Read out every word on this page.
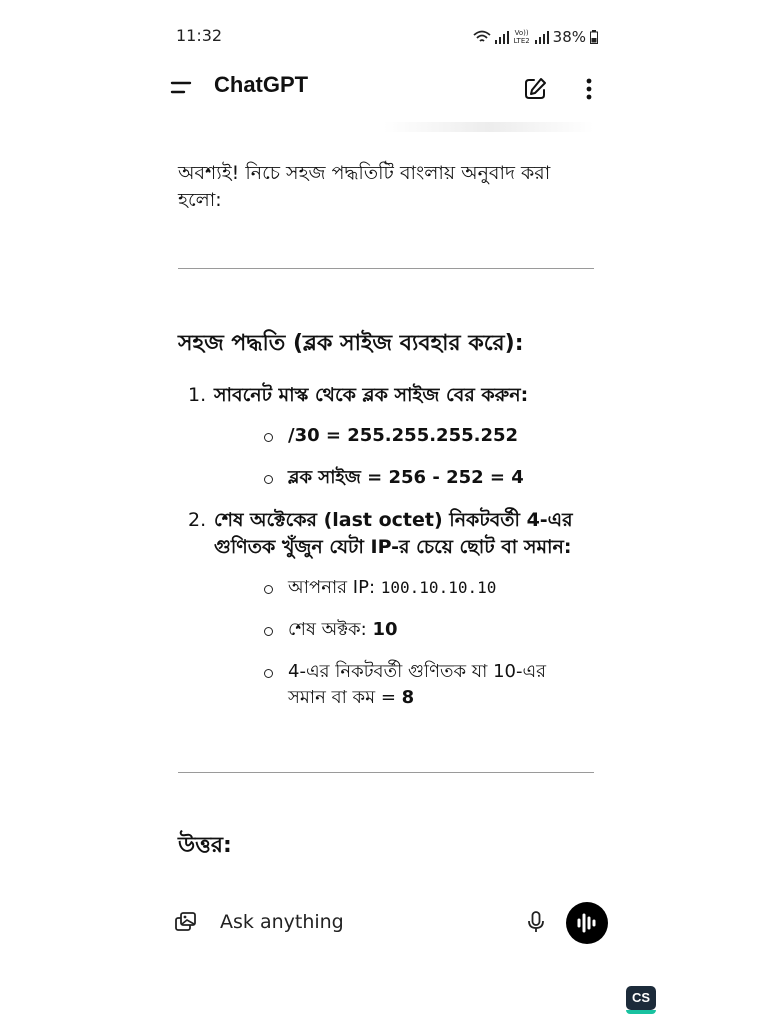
11:32	Vo)) LTE2 38%
ChatGPT

অবশ্যই! নিচে সহজ পদ্ধতিটি বাংলায় অনুবাদ করা হলো:

সহজ পদ্ধতি (ব্লক সাইজ ব্যবহার করে):
1. সাবনেট মাস্ক থেকে ব্লক সাইজ বের করুন:
/30 = 255.255.255.252
ব্লক সাইজ = 256 - 252 = 4
2. শেষ অক্টেকের (last octet) নিকটবর্তী 4-এর গুণিতক খুঁজুন যেটা IP-র চেয়ে ছোট বা সমান:
আপনার IP: 100.10.10.10
শেষ অক্টক: 10
4-এর নিকটবর্তী গুণিতক যা 10-এর সমান বা কম = 8
উত্তর:
Ask anything
CS
